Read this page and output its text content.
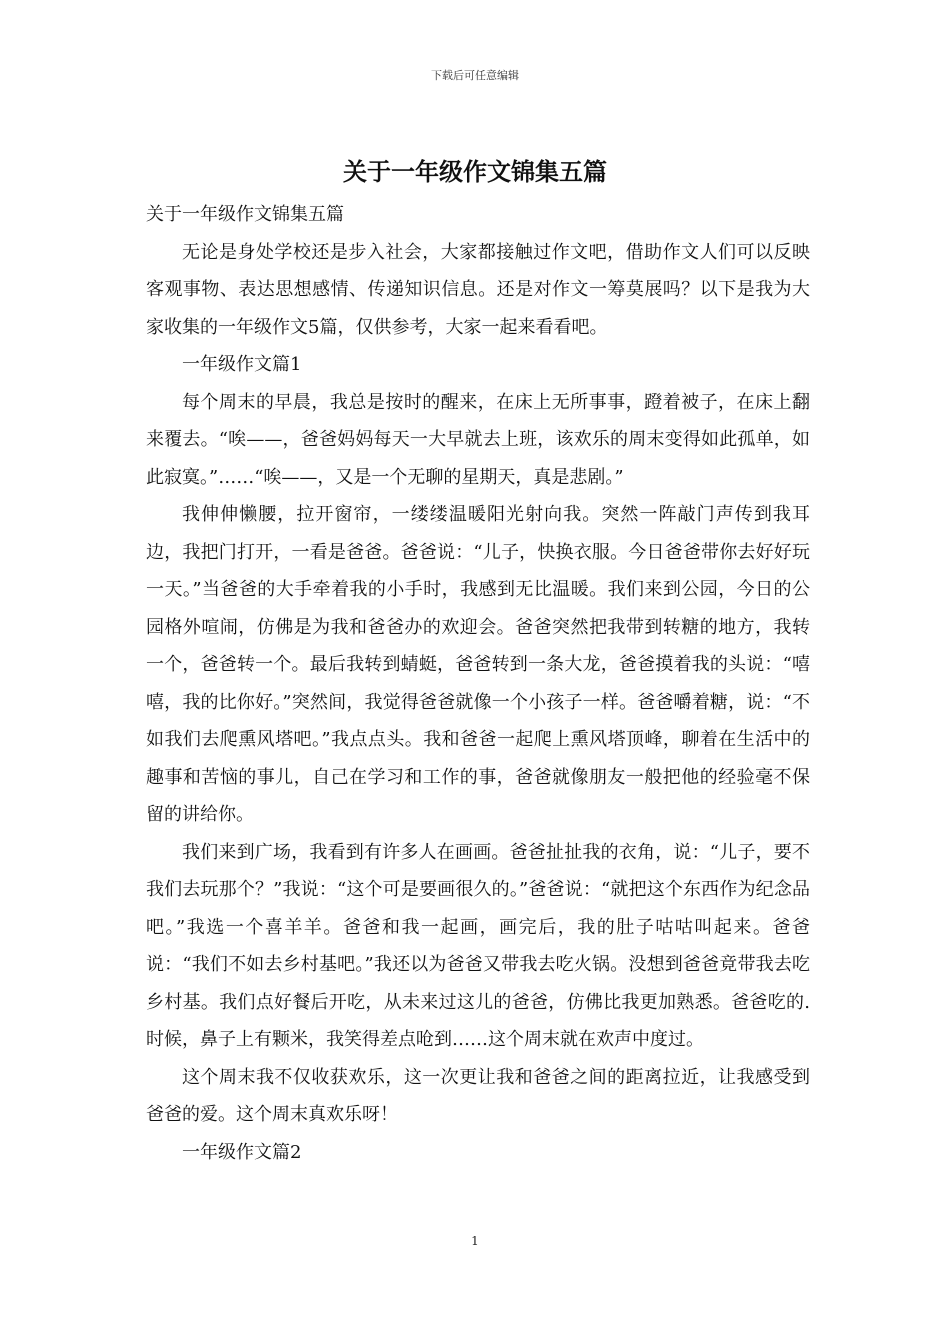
下载后可任意编辑
关于一年级作文锦集五篇

关于一年级作文锦集五篇

无论是身处学校还是步入社会，大家都接触过作文吧，借助作文人们可以反映客观事物、表达思想感情、传递知识信息。还是对作文一筹莫展吗？以下是我为大家收集的一年级作文5篇，仅供参考，大家一起来看看吧。

一年级作文篇1

每个周末的早晨，我总是按时的醒来，在床上无所事事，蹬着被子，在床上翻来覆去。“唉——，爸爸妈妈每天一大早就去上班，该欢乐的周末变得如此孤单，如此寂寞。”……“唉——，又是一个无聊的星期天，真是悲剧。”

我伸伸懒腰，拉开窗帘，一缕缕温暖阳光射向我。突然一阵敲门声传到我耳边，我把门打开，一看是爸爸。爸爸说：“儿子，快换衣服。今日爸爸带你去好好玩一天。”当爸爸的大手牵着我的小手时，我感到无比温暖。我们来到公园，今日的公园格外喧闹，仿佛是为我和爸爸办的欢迎会。爸爸突然把我带到转糖的地方，我转一个，爸爸转一个。最后我转到蜻蜓，爸爸转到一条大龙，爸爸摸着我的头说：“嘻嘻，我的比你好。”突然间，我觉得爸爸就像一个小孩子一样。爸爸嚼着糖，说：“不如我们去爬熏风塔吧。”我点点头。我和爸爸一起爬上熏风塔顶峰，聊着在生活中的趣事和苦恼的事儿，自己在学习和工作的事，爸爸就像朋友一般把他的经验毫不保留的讲给你。

我们来到广场，我看到有许多人在画画。爸爸扯扯我的衣角，说：“儿子，要不我们去玩那个？”我说：“这个可是要画很久的。”爸爸说：“就把这个东西作为纪念品吧。”我选一个喜羊羊。爸爸和我一起画，画完后，我的肚子咕咕叫起来。爸爸说：“我们不如去乡村基吧。”我还以为爸爸又带我去吃火锅。没想到爸爸竟带我去吃乡村基。我们点好餐后开吃，从未来过这儿的爸爸，仿佛比我更加熟悉。爸爸吃的.时候，鼻子上有颗米，我笑得差点呛到……这个周末就在欢声中度过。

这个周末我不仅收获欢乐，这一次更让我和爸爸之间的距离拉近，让我感受到爸爸的爱。这个周末真欢乐呀！

一年级作文篇2

1
